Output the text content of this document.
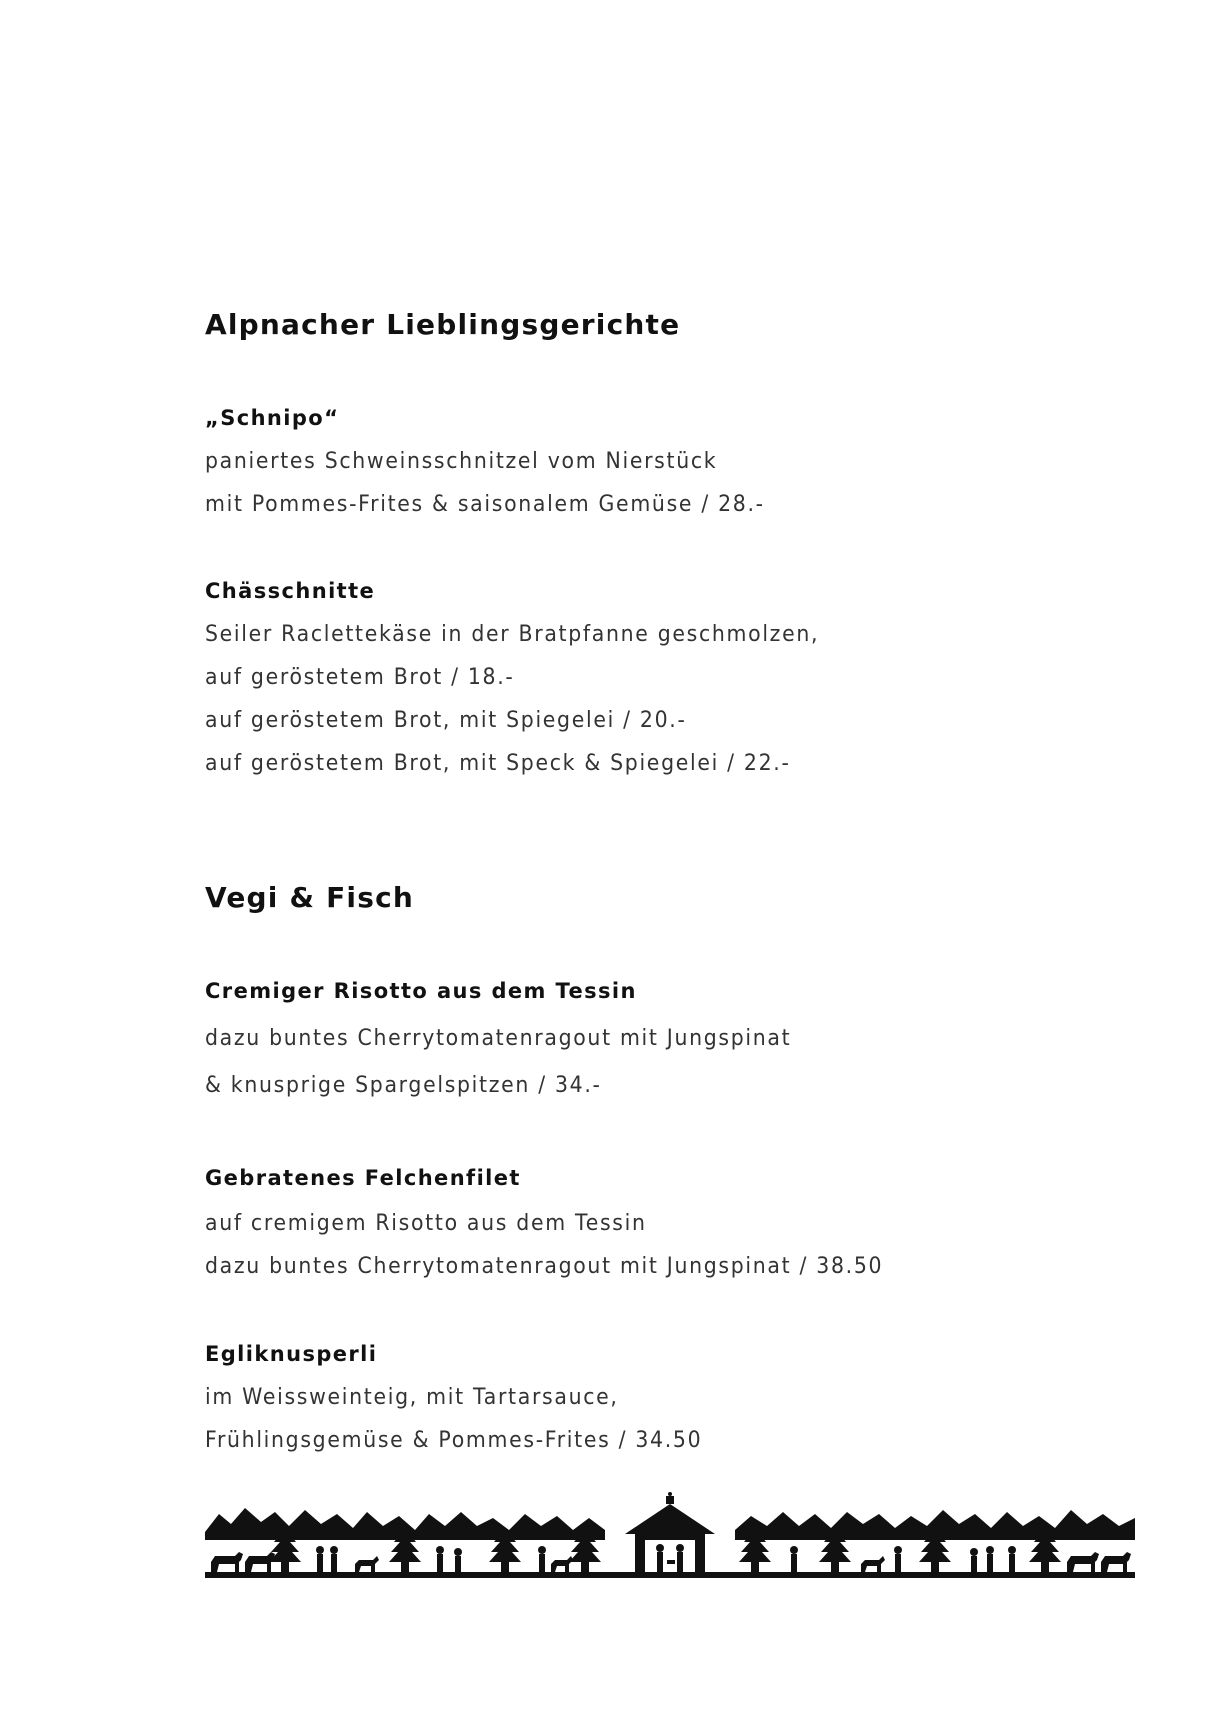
Alpnacher Lieblingsgerichte
„Schnipo“

paniertes Schweinsschnitzel vom Nierstück

mit Pommes-Frites & saisonalem Gemüse / 28.-

Chässchnitte

Seiler Raclettekäse in der Bratpfanne geschmolzen,

auf geröstetem Brot / 18.-

auf geröstetem Brot, mit Spiegelei / 20.-

auf geröstetem Brot, mit Speck & Spiegelei / 22.-

Vegi & Fisch
Cremiger Risotto aus dem Tessin

dazu buntes Cherrytomatenragout mit Jungspinat

& knusprige Spargelspitzen / 34.-

Gebratenes Felchenfilet

auf cremigem Risotto aus dem Tessin

dazu buntes Cherrytomatenragout mit Jungspinat / 38.50

Egliknusperli

im Weissweinteig, mit Tartarsauce,

Frühlingsgemüse & Pommes-Frites / 34.50
